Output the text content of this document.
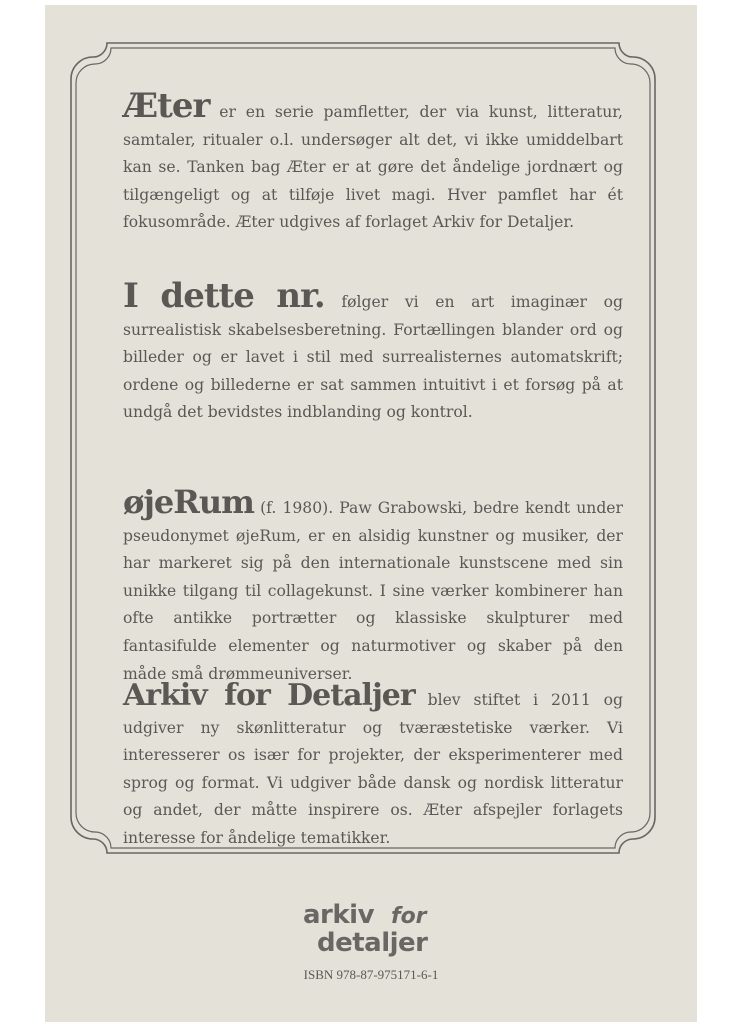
Æter er en serie pamfletter, der via kunst, litteratur, samtaler, ritualer o.l. undersøger alt det, vi ikke umiddelbart kan se. Tanken bag Æter er at gøre det åndelige jordnært og tilgængeligt og at tilføje livet magi. Hver pamflet har ét fokusområde. Æter udgives af forlaget Arkiv for Detaljer.
I dette nr. følger vi en art imaginær og surrealistisk skabelsesberetning. Fortællingen blander ord og billeder og er lavet i stil med surrealisternes automatskrift; ordene og billederne er sat sammen intuitivt i et forsøg på at undgå det bevidstes indblanding og kontrol.
øjeRum (f. 1980). Paw Grabowski, bedre kendt under pseudonymet øjeRum, er en alsidig kunstner og musiker, der har markeret sig på den internationale kunstscene med sin unikke tilgang til collagekunst. I sine værker kombinerer han ofte antikke portrætter og klassiske skulpturer med fantasifulde elementer og naturmotiver og skaber på den måde små drømmeuniverser.
Arkiv for Detaljer blev stiftet i 2011 og udgiver ny skønlitteratur og tværæstetiske værker. Vi interesserer os især for projekter, der eksperimenterer med sprog og format. Vi udgiver både dansk og nordisk litteratur og andet, der måtte inspirere os. Æter afspejler forlagets interesse for åndelige tematikker.
arkiv for
detaljer
ISBN 978-87-975171-6-1
